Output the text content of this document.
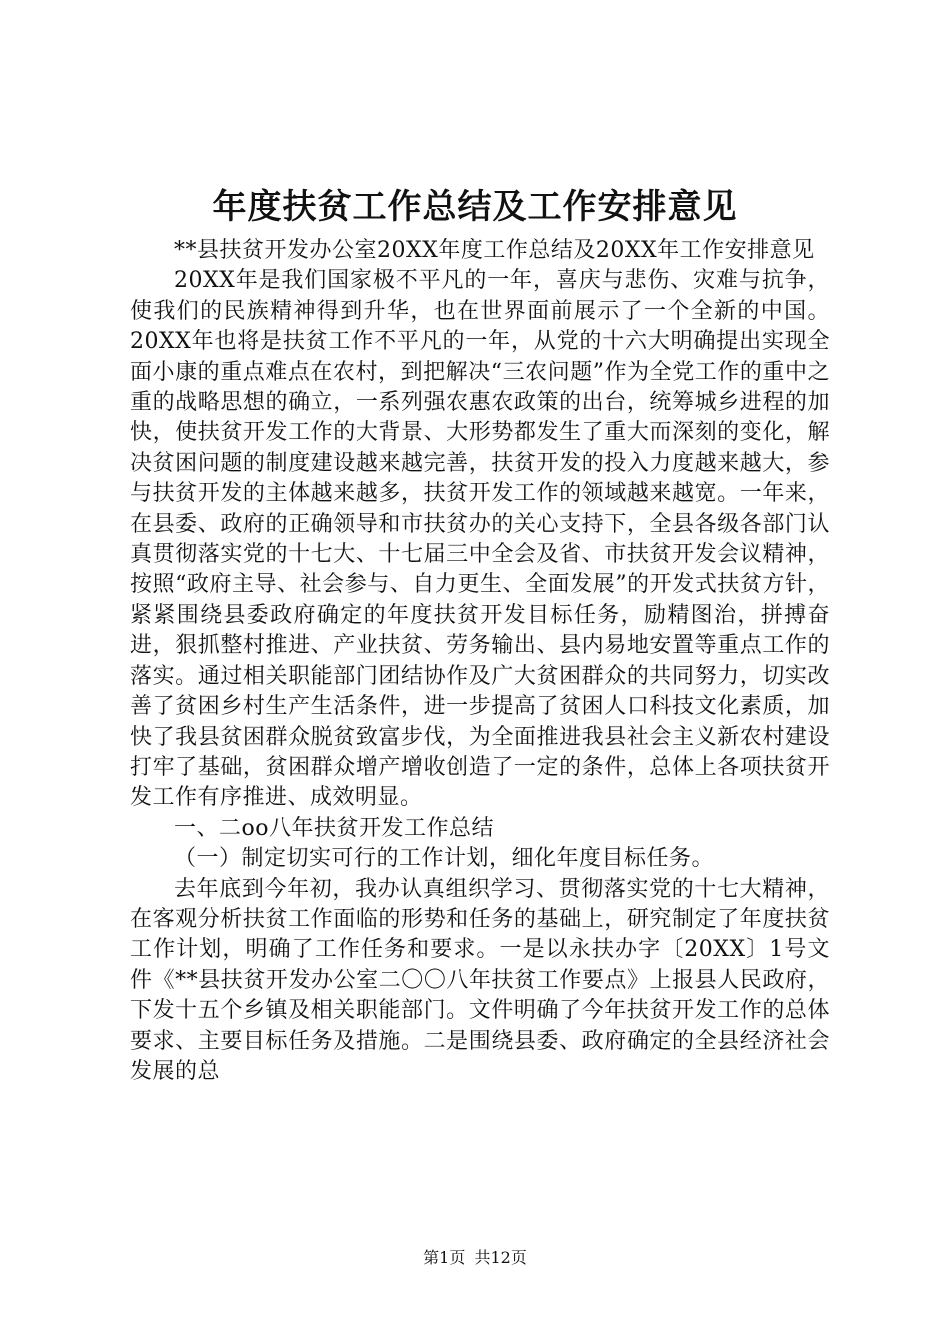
年度扶贫工作总结及工作安排意见

**县扶贫开发办公室20XX年度工作总结及20XX年工作安排意见

20XX年是我们国家极不平凡的一年，喜庆与悲伤、灾难与抗争，使我们的民族精神得到升华，也在世界面前展示了一个全新的中国。20XX年也将是扶贫工作不平凡的一年，从党的十六大明确提出实现全面小康的重点难点在农村，到把解决“三农问题”作为全党工作的重中之重的战略思想的确立，一系列强农惠农政策的出台，统筹城乡进程的加快，使扶贫开发工作的大背景、大形势都发生了重大而深刻的变化，解决贫困问题的制度建设越来越完善，扶贫开发的投入力度越来越大，参与扶贫开发的主体越来越多，扶贫开发工作的领域越来越宽。一年来，在县委、政府的正确领导和市扶贫办的关心支持下，全县各级各部门认真贯彻落实党的十七大、十七届三中全会及省、市扶贫开发会议精神，按照“政府主导、社会参与、自力更生、全面发展”的开发式扶贫方针，紧紧围绕县委政府确定的年度扶贫开发目标任务，励精图治，拼搏奋进，狠抓整村推进、产业扶贫、劳务输出、县内易地安置等重点工作的落实。通过相关职能部门团结协作及广大贫困群众的共同努力，切实改善了贫困乡村生产生活条件，进一步提高了贫困人口科技文化素质，加快了我县贫困群众脱贫致富步伐，为全面推进我县社会主义新农村建设打牢了基础，贫困群众增产增收创造了一定的条件，总体上各项扶贫开发工作有序推进、成效明显。

一、二oo八年扶贫开发工作总结

（一）制定切实可行的工作计划，细化年度目标任务。

去年底到今年初，我办认真组织学习、贯彻落实党的十七大精神，在客观分析扶贫工作面临的形势和任务的基础上，研究制定了年度扶贫工作计划，明确了工作任务和要求。一是以永扶办字〔20XX〕1号文件《**县扶贫开发办公室二〇〇八年扶贫工作要点》上报县人民政府，下发十五个乡镇及相关职能部门。文件明确了今年扶贫开发工作的总体要求、主要目标任务及措施。二是围绕县委、政府确定的全县经济社会发展的总

第1页 共12页
